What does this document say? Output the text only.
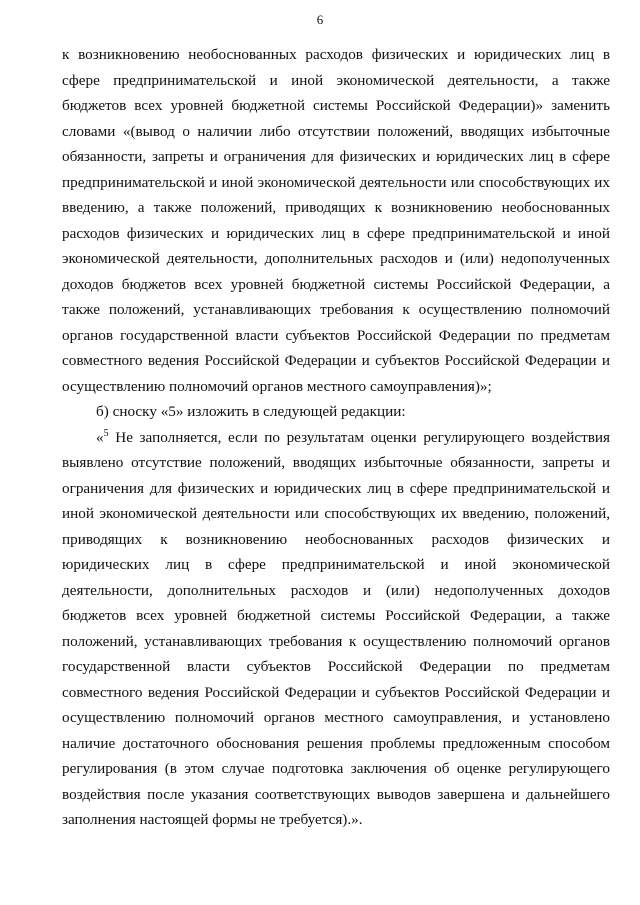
6

к возникновению необоснованных расходов физических и юридических лиц в сфере предпринимательской и иной экономической деятельности, а также бюджетов всех уровней бюджетной системы Российской Федерации)» заменить словами «(вывод о наличии либо отсутствии положений, вводящих избыточные обязанности, запреты и ограничения для физических и юридических лиц в сфере предпринимательской и иной экономической деятельности или способствующих их введению, а также положений, приводящих к возникновению необоснованных расходов физических и юридических лиц в сфере предпринимательской и иной экономической деятельности, дополнительных расходов и (или) недополученных доходов бюджетов всех уровней бюджетной системы Российской Федерации, а также положений, устанавливающих требования к осуществлению полномочий органов государственной власти субъектов Российской Федерации по предметам совместного ведения Российской Федерации и субъектов Российской Федерации и осуществлению полномочий органов местного самоуправления)»;

б) сноску «5» изложить в следующей редакции:

«$^5$ Не заполняется, если по результатам оценки регулирующего воздействия выявлено отсутствие положений, вводящих избыточные обязанности, запреты и ограничения для физических и юридических лиц в сфере предпринимательской и иной экономической деятельности или способствующих их введению, положений, приводящих к возникновению необоснованных расходов физических и юридических лиц в сфере предпринимательской и иной экономической деятельности, дополнительных расходов и (или) недополученных доходов бюджетов всех уровней бюджетной системы Российской Федерации, а также положений, устанавливающих требования к осуществлению полномочий органов государственной власти субъектов Российской Федерации по предметам совместного ведения Российской Федерации и субъектов Российской Федерации и осуществлению полномочий органов местного самоуправления, и установлено наличие достаточного обоснования решения проблемы предложенным способом регулирования (в этом случае подготовка заключения об оценке регулирующего воздействия после указания соответствующих выводов завершена и дальнейшего заполнения настоящей формы не требуется).».
